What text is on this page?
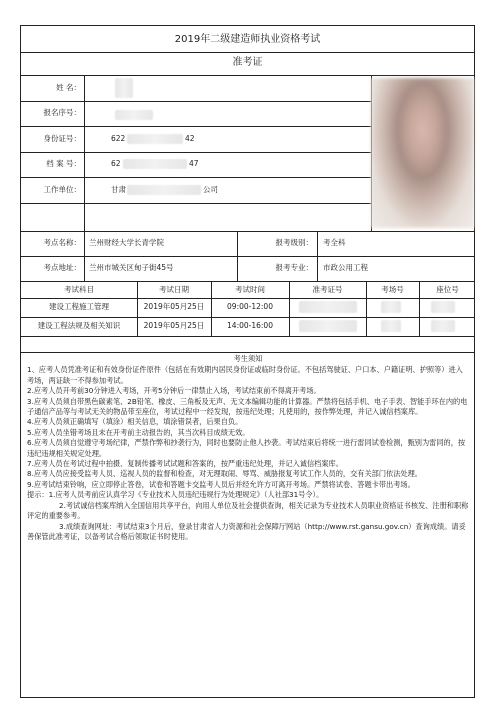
2019年二级建造师执业资格考试
准考证
姓 名：
报名序号：
身份证号：	622	42
档 案 号：	62	47
工作单位：	甘肃	公司
考点名称： 兰州财经大学长青学院	报考级别： 考全科
考点地址： 兰州市城关区甸子街45号	报考专业： 市政公用工程
考试科目	考试日期	考试时间	准考证号	考场号	座位号
建设工程施工管理	2019年05月25日	09:00-12:00
建设工程法规及相关知识	2019年05月25日	14:00-16:00

考生须知

1、应考人员凭准考证和有效身份证件原件（包括在有效期内居民身份证或临时身份证。不包括驾驶证、户口本、户籍证明、护照等）进入考场，两证缺一不得参加考试。

2.应考人员开考前30分钟进入考场，开考5分钟后一律禁止入场，考试结束前不得离开考场。

3.应考人员须自带黑色碳素笔、2B铅笔、橡皮、三角板及无声、无文本编辑功能的计算器。严禁将包括手机、电子手表、智能手环在内的电子通信产品等与考试无关的物品带至座位，考试过程中一经发现，按违纪处理；凡使用的，按作弊处理，并记入诚信档案库。

4.应考人员须正确填写（填涂）相关信息，填涂错误者，后果自负。

5.应考人员坐错考场且未在开考前主动报告的，其当次科目成绩无效。

6.应考人员须自觉遵守考场纪律，严禁作弊和抄袭行为，同时也要防止他人抄袭。考试结束后将统一进行雷同试卷检测，甄别为雷同的，按违纪违规相关规定处理。

7.应考人员在考试过程中拍摄、复制传播考试试题和答案的，按严重违纪处理，并记入诚信档案库。

8.应考人员应接受监考人员、巡视人员的监督和检查，对无理取闹、辱骂、威胁报复考试工作人员的，交有关部门依法处理。

9.应考试结束铃响，应立即停止答卷，试卷和答题卡交监考人员后并经允许方可离开考场。严禁将试卷、答题卡带出考场。

提示：1.应考人员考前应认真学习《专业技术人员违纪违规行为处理规定》（人社部31号令）。

2.考试诚信档案库纳入全国信用共享平台，向用人单位及社会提供查询，相关记录为专业技术人员职业资格证书核发、注册和职称评定的重要参考。

3.成绩查询网址：考试结束3个月后，登录甘肃省人力资源和社会保障厅网站（http://www.rst.gansu.gov.cn）查询成绩。请妥善保管此准考证，以备考试合格后领取证书时使用。
